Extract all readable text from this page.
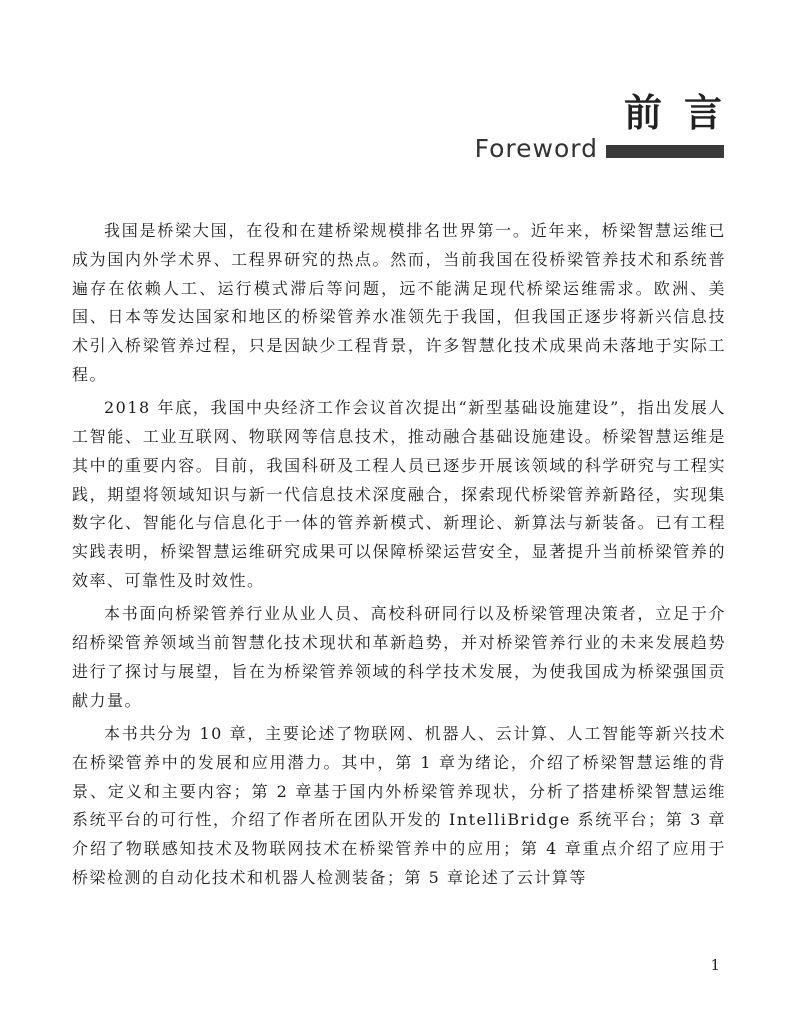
前言
Foreword

我国是桥梁大国，在役和在建桥梁规模排名世界第一。近年来，桥梁智慧运维已成为国内外学术界、工程界研究的热点。然而，当前我国在役桥梁管养技术和系统普遍存在依赖人工、运行模式滞后等问题，远不能满足现代桥梁运维需求。欧洲、美国、日本等发达国家和地区的桥梁管养水准领先于我国，但我国正逐步将新兴信息技术引入桥梁管养过程，只是因缺少工程背景，许多智慧化技术成果尚未落地于实际工程。

2018 年底，我国中央经济工作会议首次提出“新型基础设施建设”，指出发展人工智能、工业互联网、物联网等信息技术，推动融合基础设施建设。桥梁智慧运维是其中的重要内容。目前，我国科研及工程人员已逐步开展该领域的科学研究与工程实践，期望将领域知识与新一代信息技术深度融合，探索现代桥梁管养新路径，实现集数字化、智能化与信息化于一体的管养新模式、新理论、新算法与新装备。已有工程实践表明，桥梁智慧运维研究成果可以保障桥梁运营安全，显著提升当前桥梁管养的效率、可靠性及时效性。

本书面向桥梁管养行业从业人员、高校科研同行以及桥梁管理决策者，立足于介绍桥梁管养领域当前智慧化技术现状和革新趋势，并对桥梁管养行业的未来发展趋势进行了探讨与展望，旨在为桥梁管养领域的科学技术发展，为使我国成为桥梁强国贡献力量。

本书共分为 10 章，主要论述了物联网、机器人、云计算、人工智能等新兴技术在桥梁管养中的发展和应用潜力。其中，第 1 章为绪论，介绍了桥梁智慧运维的背景、定义和主要内容；第 2 章基于国内外桥梁管养现状，分析了搭建桥梁智慧运维系统平台的可行性，介绍了作者所在团队开发的 IntelliBridge 系统平台；第 3 章介绍了物联感知技术及物联网技术在桥梁管养中的应用；第 4 章重点介绍了应用于桥梁检测的自动化技术和机器人检测装备；第 5 章论述了云计算等

1
